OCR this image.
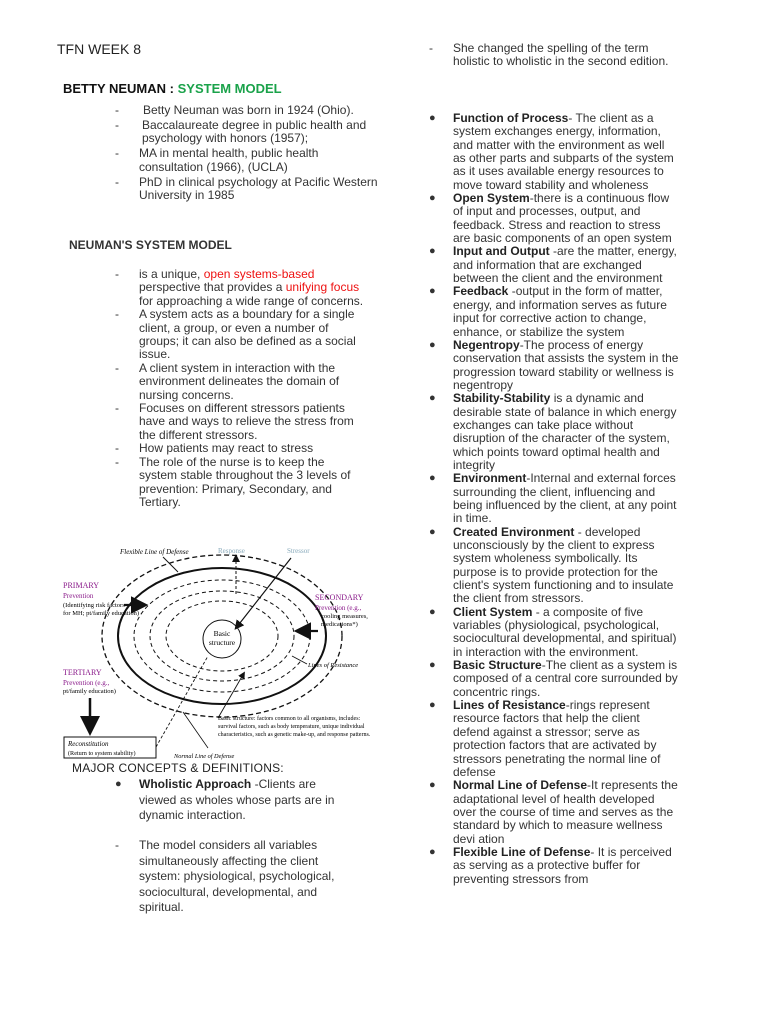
TFN WEEK 8
BETTY NEUMAN : SYSTEM MODEL
- Betty Neuman was born in 1924 (Ohio).
- Baccalaureate degree in public health and psychology with honors (1957);
- MA in mental health, public health consultation (1966), (UCLA)
- PhD in clinical psychology at Pacific Western University in 1985
NEUMAN'S SYSTEM MODEL
- is a unique, open systems-based perspective that provides a unifying focus for approaching a wide range of concerns.
- A system acts as a boundary for a single client, a group, or even a number of groups; it can also be defined as a social issue.
- A client system in interaction with the environment delineates the domain of nursing concerns.
- Focuses on different stressors patients have and ways to relieve the stress from the different stressors.
- How patients may react to stress
- The role of the nurse is to keep the system stable throughout the 3 levels of prevention: Primary, Secondary, and Tertiary.
Basic
structure
Flexible Line of Defense	Response	Stressor
PRIMARY
Prevention
(Identifying risk factors
for MH; pt/family education)
SECONDARY
Prevention (e.g.,
cooling measures,
medications*)
Lines of Resistance
TERTIARY
Prevention (e.g.,
pt/family education)
Reconstitution
(Return to system stability)
Basic structure: factors common to all organisms, includes:
survival factors, such as body temperature, unique individual
characteristics, such as genetic make-up, and response patterns.
Normal Line of Defense
MAJOR CONCEPTS & DEFINITIONS:
● Wholistic Approach -Clients are viewed as wholes whose parts are in dynamic interaction.
- The model considers all variables simultaneously affecting the client system: physiological, psychological, sociocultural, developmental, and spiritual.
- She changed the spelling of the term holistic to wholistic in the second edition.
● Function of Process- The client as a system exchanges energy, information, and matter with the environment as well as other parts and subparts of the system as it uses available energy resources to move toward stability and wholeness
● Open System-there is a continuous flow of input and processes, output, and feedback. Stress and reaction to stress are basic components of an open system
● Input and Output -are the matter, energy, and information that are exchanged between the client and the environment
● Feedback -output in the form of matter, energy, and information serves as future input for corrective action to change, enhance, or stabilize the system
● Negentropy-The process of energy conservation that assists the system in the progression toward stability or wellness is negentropy
● Stability-Stability is a dynamic and desirable state of balance in which energy exchanges can take place without disruption of the character of the system, which points toward optimal health and integrity
● Environment-Internal and external forces surrounding the client, influencing and being influenced by the client, at any point in time.
● Created Environment - developed unconsciously by the client to express system wholeness symbolically. Its purpose is to provide protection for the client's system functioning and to insulate the client from stressors.
● Client System - a composite of five variables (physiological, psychological, sociocultural developmental, and spiritual) in interaction with the environment.
● Basic Structure-The client as a system is composed of a central core surrounded by concentric rings.
● Lines of Resistance-rings represent resource factors that help the client defend against a stressor; serve as protection factors that are activated by stressors penetrating the normal line of defense
● Normal Line of Defense-It represents the adaptational level of health developed over the course of time and serves as the standard by which to measure wellness devi ation
● Flexible Line of Defense- It is perceived as serving as a protective buffer for preventing stressors from
